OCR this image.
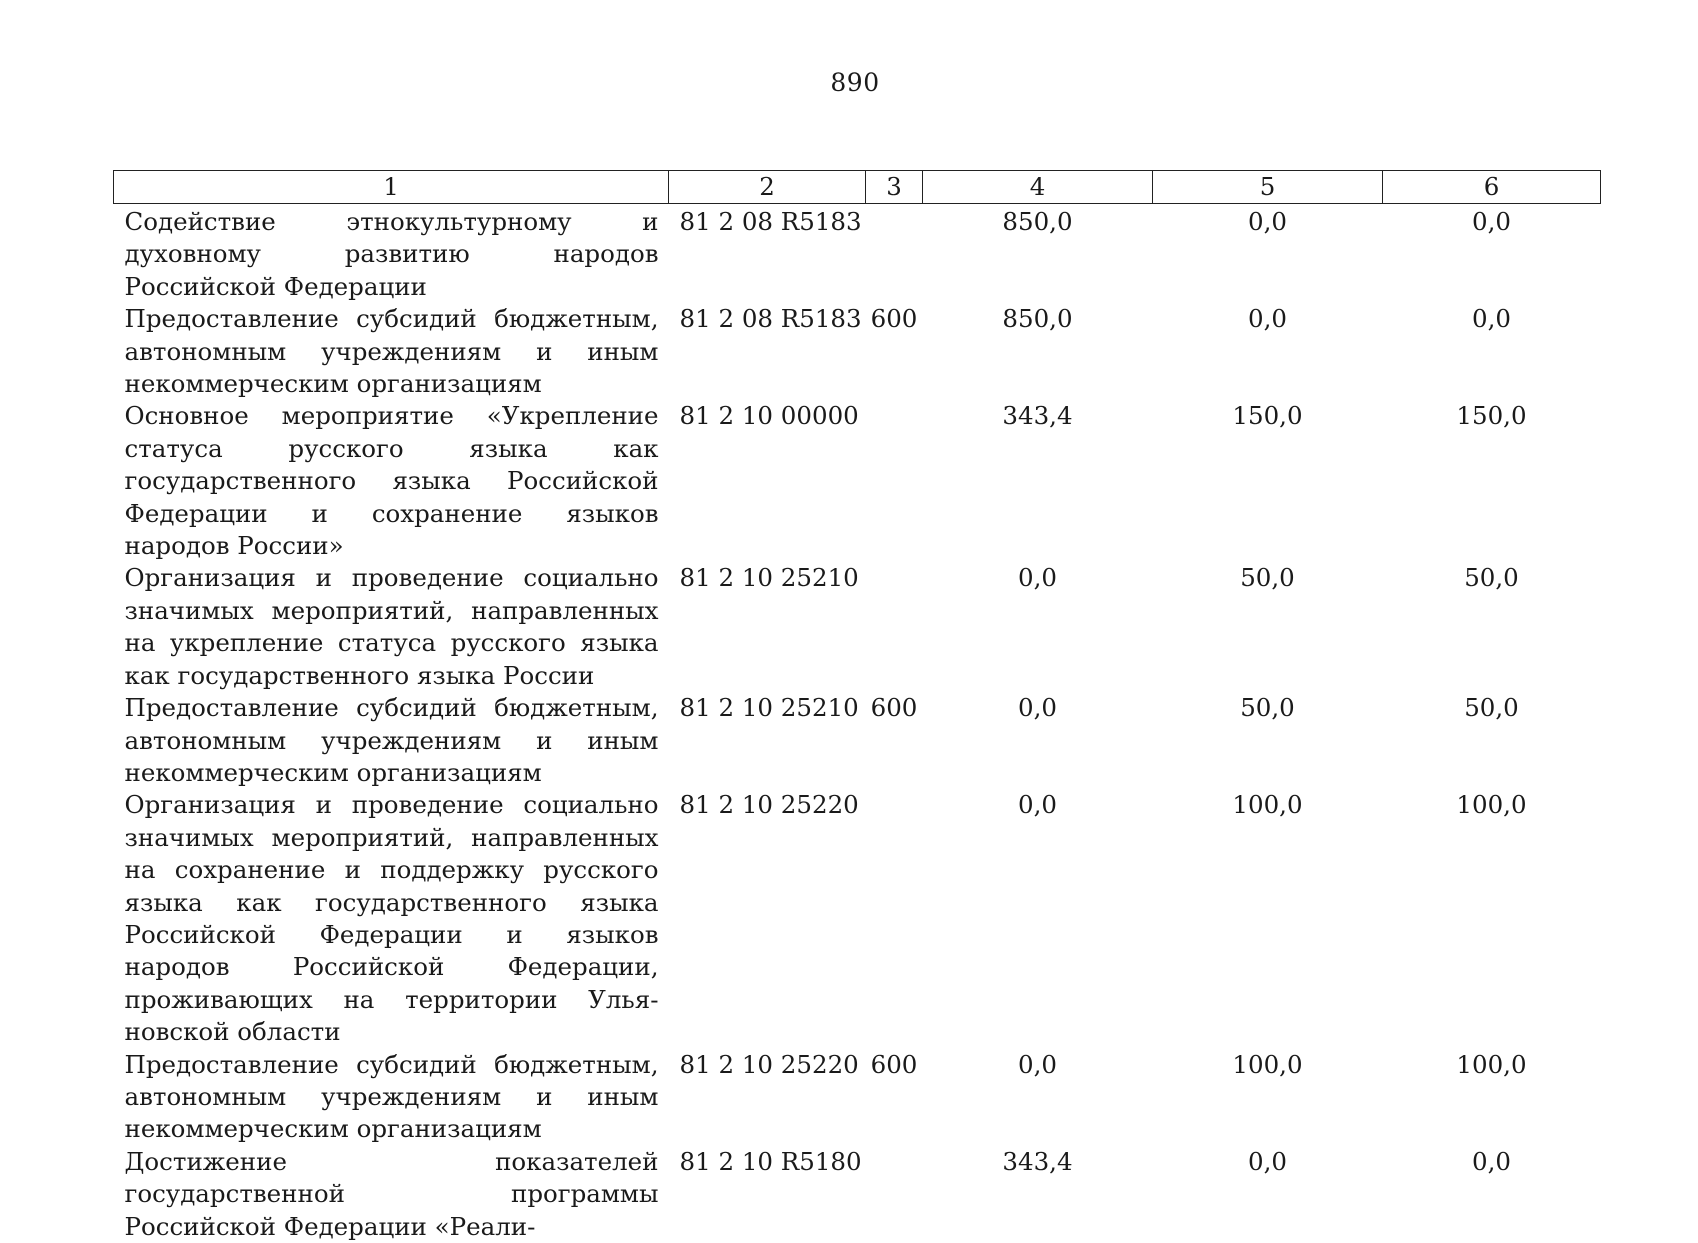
890
1	2	3	4	5	6
Содействие этнокультурному и духовному развитию народов Российской Федерации	81 2 08 R5183		850,0	0,0	0,0
Предоставление субсидий бюджетным, автономным учреждениям и иным некоммерческим организациям	81 2 08 R5183	600	850,0	0,0	0,0
Основное мероприятие «Укрепление статуса русского языка как государственного языка Российской Федерации и сохранение языков народов России»	81 2 10 00000		343,4	150,0	150,0
Организация и проведение социально значимых мероприятий, направленных на укрепление статуса русского языка как государственного языка России	81 2 10 25210		0,0	50,0	50,0
Предоставление субсидий бюджетным, автономным учреждениям и иным некоммерческим организациям	81 2 10 25210	600	0,0	50,0	50,0
Организация и проведение социально значимых мероприятий, направленных на сохранение и поддержку русского языка как государственного языка Российской Федерации и языков народов Российской Федерации, проживающих на территории Ульяновской области	81 2 10 25220		0,0	100,0	100,0
Предоставление субсидий бюджетным, автономным учреждениям и иным некоммерческим организациям	81 2 10 25220	600	0,0	100,0	100,0
Достижение показателей государственной программы Российской Федерации «Реали-	81 2 10 R5180		343,4	0,0	0,0
